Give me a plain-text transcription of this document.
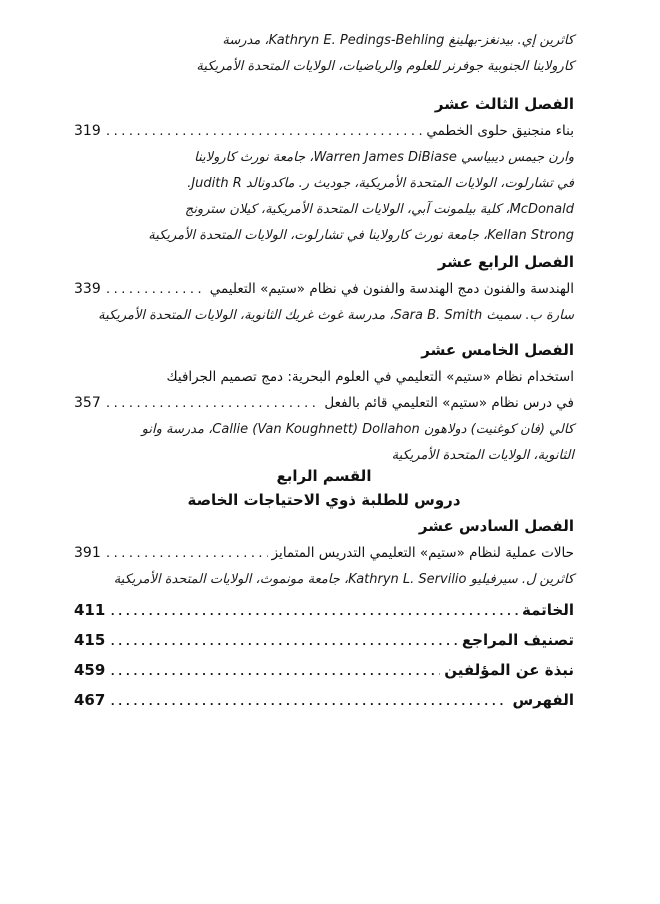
كاثرين إي. بيدنغز-بهلينغ Kathryn E. Pedings-Behling، مدرسة
كارولاينا الجنوبية جوفرنر للعلوم والرياضيات، الولايات المتحدة الأمريكية
الفصل الثالث عشر
بناء منجنيق حلوى الخطمي
.....
319
وارن جيمس ديبياسي Warren James DiBiase، جامعة نورث كارولاينا
في تشارلوت، الولايات المتحدة الأمريكية، جوديث ر. ماكدونالد Judith R.
McDonald، كلية بيلمونت آبي، الولايات المتحدة الأمريكية، كيلان سترونج
Kellan Strong، جامعة نورث كارولاينا في تشارلوت، الولايات المتحدة الأمريكية
الفصل الرابع عشر
الهندسة والفنون دمج الهندسة والفنون في نظام «ستيم» التعليمي
.....
339
سارة ب. سميث Sara B. Smith، مدرسة غوث غريك الثانوية، الولايات المتحدة الأمريكية
الفصل الخامس عشر
استخدام نظام «ستيم» التعليمي في العلوم البحرية: دمج تصميم الجرافيك
في درس نظام «ستيم» التعليمي قائم بالفعل
.....
357
كالي (فان كوغنيت) دولاهون Callie (Van Koughnett) Dollahon، مدرسة وانو
الثانوية، الولايات المتحدة الأمريكية
القسم الرابع
دروس للطلبة ذوي الاحتياجات الخاصة
الفصل السادس عشر
حالات عملية لنظام «ستيم» التعليمي التدريس المتمايز
.....
391
كاثرين ل. سيرفيليو Kathryn L. Servilio، جامعة مونموث، الولايات المتحدة الأمريكية
الخاتمة
.....
411
تصنيف المراجع
.....
415
نبذة عن المؤلفين
.....
459
الفهرس
.....
467
